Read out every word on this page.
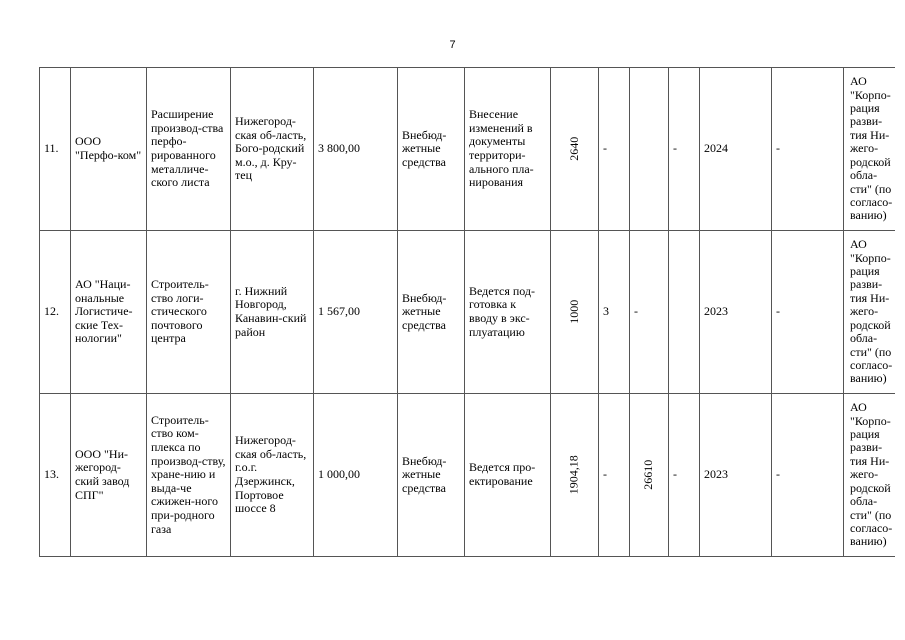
7
11.	ООО "Перфо-ком"	Расширение производ-ства перфо-рированного металличе-ского листа	Нижегород-ская об-ласть, Бого-родский м.о., д. Кру-тец	3 800,00	Внебюд-жетные средства	Внесение изменений в документы территори-ального пла-нирования	2640	-		-	2024	-	АО "Корпо-рация разви-тия Ни-жего-родской обла-сти" (по согласо-ванию)
12.	АО "Наци-ональные Логистиче-ские Тех-нологии"	Строитель-ство логи-стического почтового центра	г. Нижний Новгород, Канавин-ский район	1 567,00	Внебюд-жетные средства	Ведется под-готовка к вводу в экс-плуатацию	1000	3	-		2023	-	АО "Корпо-рация разви-тия Ни-жего-родской обла-сти" (по согласо-ванию)
13.	ООО "Ни-жегород-ский завод СПГ"	Строитель-ство ком-плекса по производ-ству, хране-нию и выда-че сжижен-ного при-родного газа	Нижегород-ская об-ласть, г.о.г. Дзержинск, Портовое шоссе 8	1 000,00	Внебюд-жетные средства	Ведется про-ектирование	1904,18	-	26610	-	2023	-	АО "Корпо-рация разви-тия Ни-жего-родской обла-сти" (по согласо-ванию)
